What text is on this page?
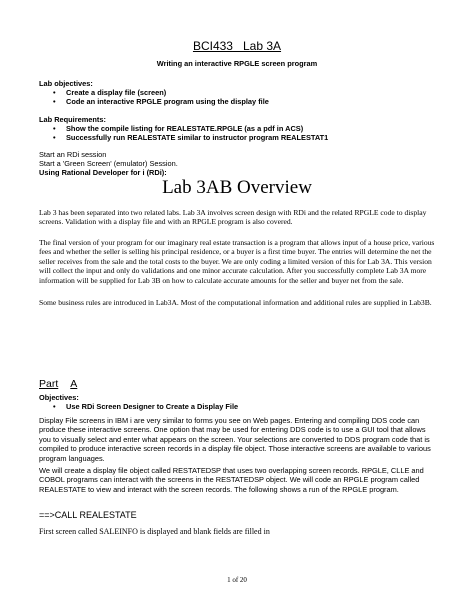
BCI433 Lab 3A
Writing an interactive RPGLE screen program

Lab objectives:

• Create a display file (screen)
• Code an interactive RPGLE program using the display file

Lab Requirements:

• Show the compile listing for REALESTATE.RPGLE (as a pdf in ACS)
• Successfully run REALESTATE similar to instructor program REALESTAT1

Start an RDi session

Start a 'Green Screen' (emulator) Session.

Using Rational Developer for i (RDi):

Lab 3AB Overview

Lab 3 has been separated into two related labs. Lab 3A involves screen design with RDi and the related RPGLE code to display screens. Validation with a display file and with an RPGLE program is also covered.

The final version of your program for our imaginary real estate transaction is a program that allows input of a house price, various fees and whether the seller is selling his principal residence, or a buyer is a first time buyer. The entries will determine the net the seller receives from the sale and the total costs to the buyer. We are only coding a limited version of this for Lab 3A. This version will collect the input and only do validations and one minor accurate calculation. After you successfully complete Lab 3A more information will be supplied for Lab 3B on how to calculate accurate amounts for the seller and buyer net from the sale.

Some business rules are introduced in Lab3A. Most of the computational information and additional rules are supplied in Lab3B.

Part A

Objectives:

• Use RDi Screen Designer to Create a Display File

Display File screens in IBM i are very similar to forms you see on Web pages. Entering and compiling DDS code can produce these interactive screens. One option that may be used for entering DDS code is to use a GUI tool that allows you to visually select and enter what appears on the screen. Your selections are converted to DDS program code that is compiled to produce interactive screen records in a display file object. Those interactive screens are available to various program languages.

We will create a display file object called RESTATEDSP that uses two overlapping screen records. RPGLE, CLLE and COBOL programs can interact with the screens in the RESTATEDSP object. We will code an RPGLE program called REALESTATE to view and interact with the screen records. The following shows a run of the RPGLE program.

==>CALL REALESTATE
First screen called SALEINFO is displayed and blank fields are filled in
1 of 20
